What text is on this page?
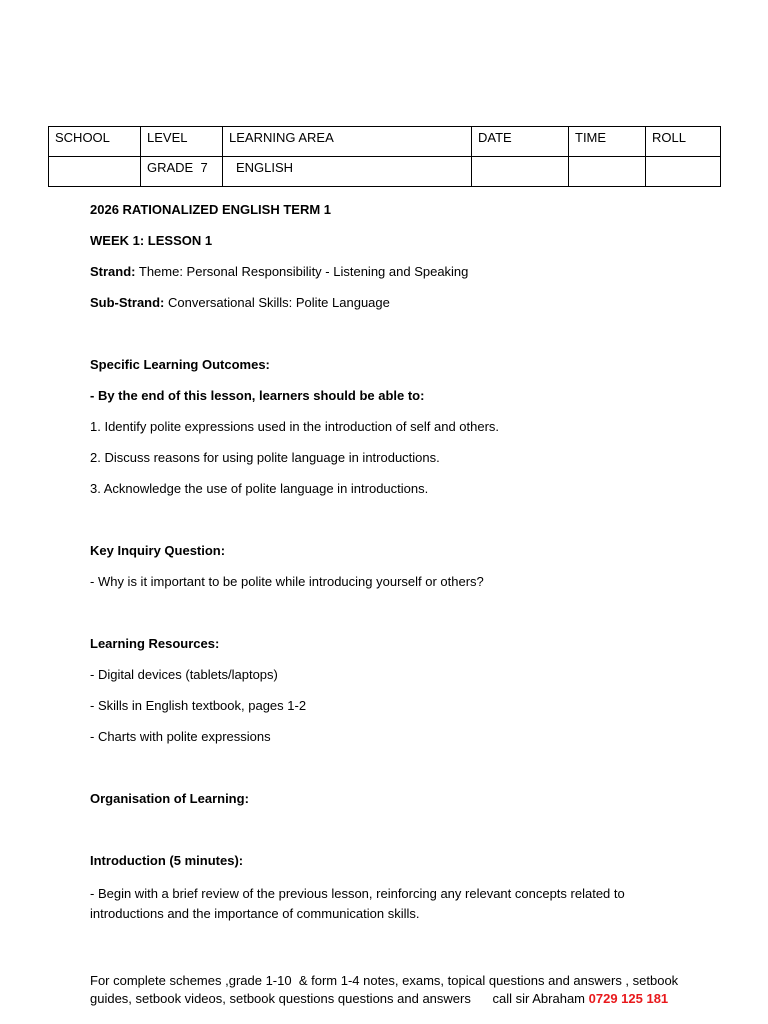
SCHOOL	LEVEL	LEARNING AREA	DATE	TIME	ROLL
	GRADE  7	ENGLISH			
2026 RATIONALIZED ENGLISH TERM 1
WEEK 1: LESSON 1
Strand: Theme: Personal Responsibility - Listening and Speaking
Sub-Strand: Conversational Skills: Polite Language
Specific Learning Outcomes:
- By the end of this lesson, learners should be able to:
1. Identify polite expressions used in the introduction of self and others.
2. Discuss reasons for using polite language in introductions.
3. Acknowledge the use of polite language in introductions.
Key Inquiry Question:
- Why is it important to be polite while introducing yourself or others?
Learning Resources:
- Digital devices (tablets/laptops)
- Skills in English textbook, pages 1-2
- Charts with polite expressions
Organisation of Learning:
Introduction (5 minutes):
- Begin with a brief review of the previous lesson, reinforcing any relevant concepts related to introductions and the importance of communication skills.
For complete schemes ,grade 1-10  & form 1-4 notes, exams, topical questions and answers , setbook guides, setbook videos, setbook questions questions and answers      call sir Abraham 0729 125 181
